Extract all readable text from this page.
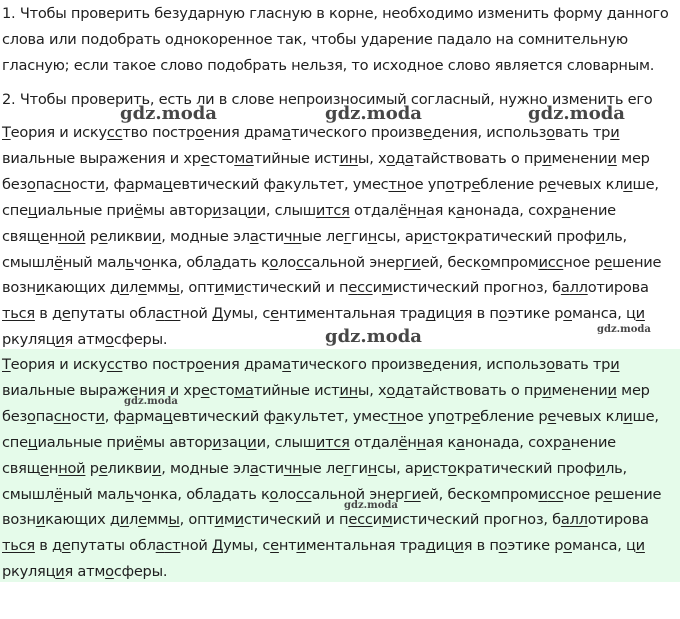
1. Чтобы проверить безударную гласную в корне, необходимо изменить форму данного
слова или подобрать однокоренное так, чтобы ударение падало на сомнительную
гласную; если такое слово подобрать нельзя, то исходное слово является словарным.
2. Чтобы проверить, есть ли в слове непроизносимый согласный, нужно изменить его
Теория и искусство построения драматического произведения, использовать три
виальные выражения и хрестоматийные истины, ходатайствовать о применении мер
безопасности, фармацевтический факультет, уместное употребление речевых клише,
специальные приёмы авторизации, слышится отдалённая канонада, сохранение
священной реликвии, модные эластичные леггинсы, аристократический профиль,
смышлёный мальчонка, обладать колоссальной энергией, бескомпромиссное решение
возникающих дилеммы, оптимистический и пессимистический прогноз, баллотирова
ться в депутаты областной Думы, сентиментальная традиция в поэтике романса, ци
ркуляция атмосферы.
Теория и искусство построения драматического произведения, использовать три
виальные выражения и хрестоматийные истины, ходатайствовать о применении мер
безопасности, фармацевтический факультет, уместное употребление речевых клише,
специальные приёмы авторизации, слышится отдалённая канонада, сохранение
священной реликвии, модные эластичные леггинсы, аристократический профиль,
смышлёный мальчонка, обладать колоссальной энергией, бескомпромиссное решение
возникающих дилеммы, оптимистический и пессимистический прогноз, баллотирова
ться в депутаты областной Думы, сентиментальная традиция в поэтике романса, ци
ркуляция атмосферы.
gdz.moda	gdz.moda	gdz.moda
gdz.moda	gdz.moda
gdz.moda
gdz.moda
